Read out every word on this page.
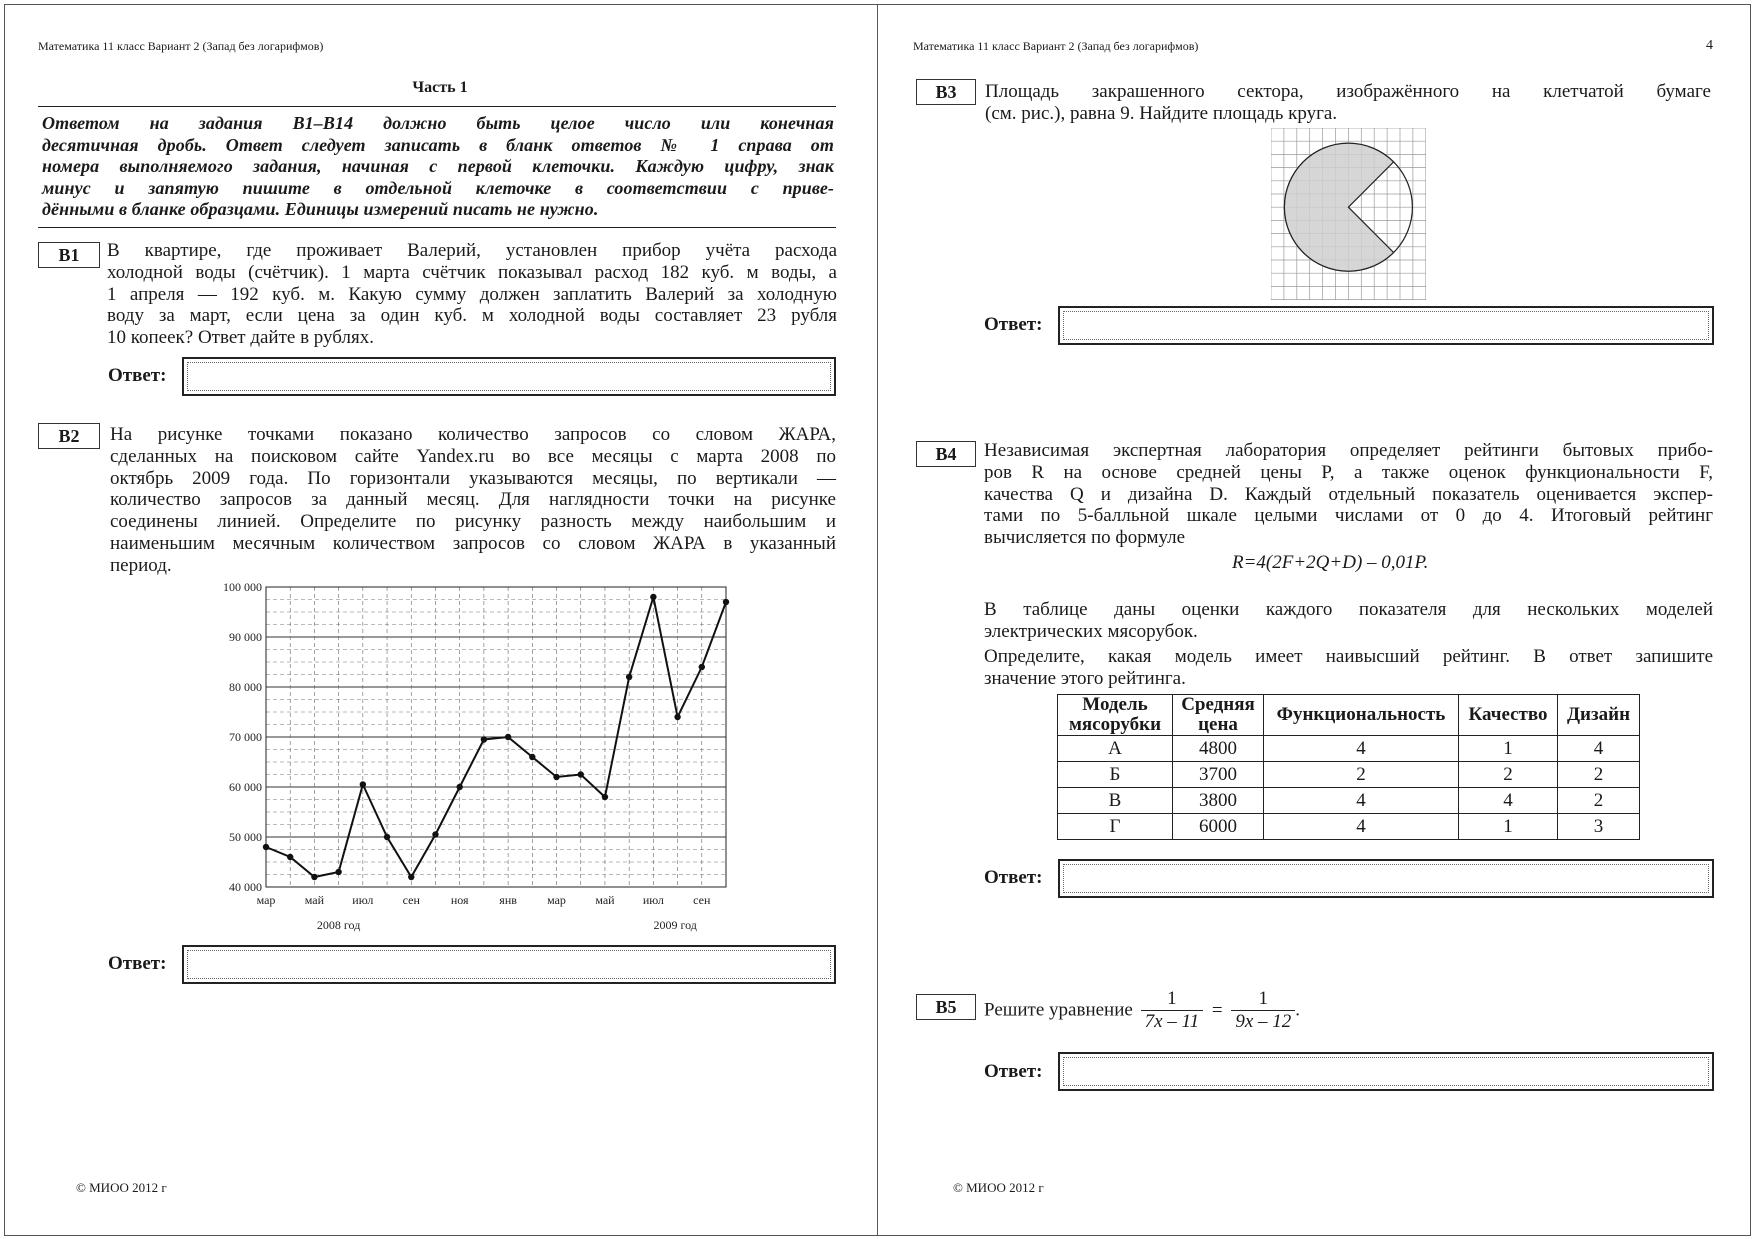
Математика 11 класс Вариант 2 (Запад без логарифмов)
Часть 1
Ответом на задания B1–B14 должно быть целое число или конечная
десятичная дробь. Ответ следует записать в бланк ответов № 1 справа от
номера выполняемого задания, начиная с первой клеточки. Каждую цифру, знак
минус и запятую пишите в отдельной клеточке в соответствии с приве-
дёнными в бланке образцами. Единицы измерений писать не нужно.
B1	В квартире, где проживает Валерий, установлен прибор учёта расхода
холодной воды (счётчик). 1 марта счётчик показывал расход 182 куб. м воды, а
1 апреля — 192 куб. м. Какую сумму должен заплатить Валерий за холодную
воду за март, если цена за один куб. м холодной воды составляет 23 рубля
10 копеек? Ответ дайте в рублях.
Ответ:
B2	На рисунке точками показано количество запросов со словом ЖАРА,
сделанных на поисковом сайте Yandex.ru во все месяцы с марта 2008 по
октябрь 2009 года. По горизонтали указываются месяцы, по вертикали —
количество запросов за данный месяц. Для наглядности точки на рисунке
соединены линией. Определите по рисунку разность между наибольшим и
наименьшим месячным количеством запросов со словом ЖАРА в указанный
период.
40 000
50 000
60 000
70 000
80 000
90 000
100 000
мар май июл сен	ноя	янв	мар май июл сен
2008 год	2009 год
Ответ:
© МИОО 2012 г
Математика 11 класс Вариант 2 (Запад без логарифмов)	4
B3	Площадь закрашенного сектора, изображённого на клетчатой бумаге
(см. рис.), равна 9. Найдите площадь круга.
Ответ:
B4	Независимая экспертная лаборатория определяет рейтинги бытовых прибо-
ров R на основе средней цены P, а также оценок функциональности F,
качества Q и дизайна D. Каждый отдельный показатель оценивается экспер-
тами по 5-балльной шкале целыми числами от 0 до 4. Итоговый рейтинг
вычисляется по формуле
R=4(2F+2Q+D) – 0,01P.
В таблице даны оценки каждого показателя для нескольких моделей
электрических мясорубок.
Определите, какая модель имеет наивысший рейтинг. В ответ запишите
значение этого рейтинга.
Модель мясорубки	Средняя цена	Функциональность	Качество	Дизайн
А	4800	4	1	4
Б	3700	2	2	2
В	3800	4	4	2
Г	6000	4	1	3
Ответ:
B5	Решите уравнение $\frac{1}{7x - 11} = \frac{1}{9x - 12}$ .
Ответ:
© МИОО 2012 г
